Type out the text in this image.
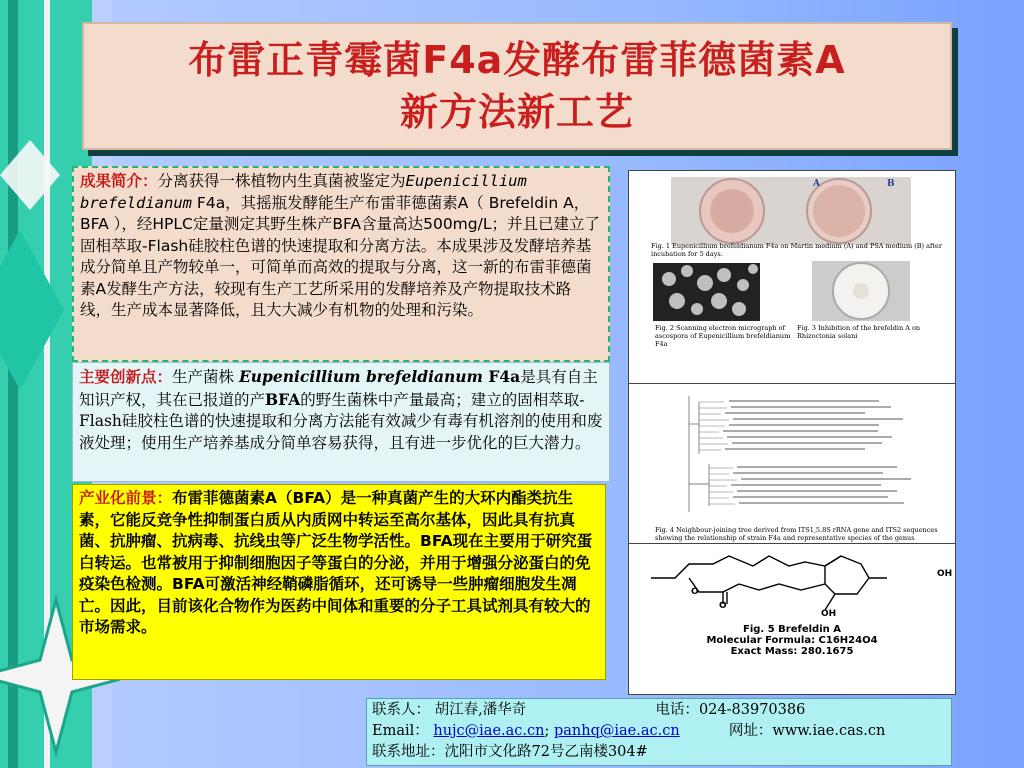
布雷正青霉菌F4a发酵布雷菲德菌素A
新方法新工艺
成果简介：分离获得一株植物内生真菌被鉴定为Eupenicillium brefeldianum F4a，其摇瓶发酵能生产布雷菲德菌素A（ Brefeldin A，BFA ），经HPLC定量测定其野生株产BFA含量高达500mg/L；并且已建立了固相萃取-Flash硅胶柱色谱的快速提取和分离方法。本成果涉及发酵培养基成分简单且产物较单一，可简单而高效的提取与分离，这一新的布雷菲德菌素A发酵生产方法，较现有生产工艺所采用的发酵培养及产物提取技术路线，生产成本显著降低，且大大减少有机物的处理和污染。
主要创新点：生产菌株 Eupenicillium brefeldianum F4a是具有自主知识产权，其在已报道的产BFA的野生菌株中产量最高；建立的固相萃取-Flash硅胶柱色谱的快速提取和分离方法能有效减少有毒有机溶剂的使用和废液处理；使用生产培养基成分简单容易获得，且有进一步优化的巨大潜力。
产业化前景：布雷菲德菌素A（BFA）是一种真菌产生的大环内酯类抗生素，它能反竞争性抑制蛋白质从内质网中转运至高尔基体，因此具有抗真菌、抗肿瘤、抗病毒、抗线虫等广泛生物学活性。BFA现在主要用于研究蛋白转运。也常被用于抑制细胞因子等蛋白的分泌，并用于增强分泌蛋白的免疫染色检测。BFA可激活神经鞘磷脂循环，还可诱导一些肿瘤细胞发生凋亡。因此，目前该化合物作为医药中间体和重要的分子工具试剂具有较大的市场需求。
A	B
Fig. 1 Eupenicillium brefeldianum F4a on Martin medium (A) and PSA medium (B) after incubation for 5 days.
Fig. 2 Scanning electron micrograph of ascospora of Eupenicillium brefeldianum F4a
Fig. 3 Inhibition of the brefeldin A on Rhizoctonia solani
Fig. 4 Neighbour-joining tree derived from ITS1,5.8S rRNA gene and ITS2 sequences showing the relationship of strain F4a and representative species of the genus
OH
OH
O
O
Fig. 5 Brefeldin A
Molecular Formula: C16H24O4
Exact Mass: 280.1675
联系人： 胡江春,潘华奇	电话：024-83970386
Email： hujc@iae.ac.cn; panhq@iae.ac.cn	网址：www.iae.cas.cn
联系地址：沈阳市文化路72号乙南楼304#
